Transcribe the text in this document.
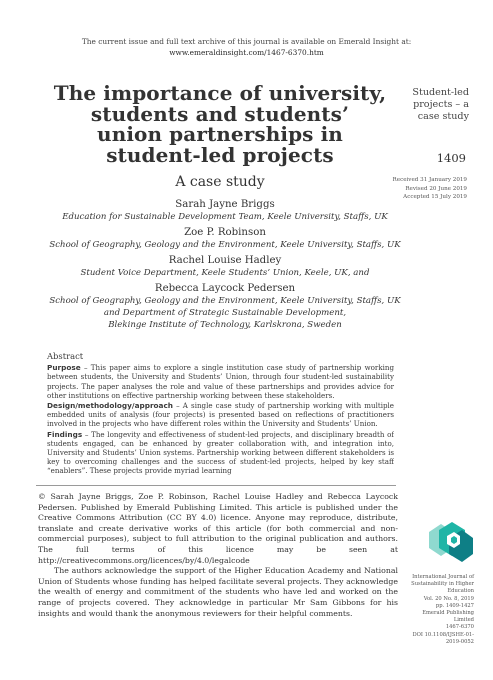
The current issue and full text archive of this journal is available on Emerald Insight at:
www.emeraldinsight.com/1467-6370.htm
The importance of university,
students and students’
union partnerships in
student-led projects
A case study
Sarah Jayne Briggs
Education for Sustainable Development Team, Keele University, Staffs, UK
Zoe P. Robinson
School of Geography, Geology and the Environment, Keele University, Staffs, UK
Rachel Louise Hadley
Student Voice Department, Keele Students’ Union, Keele, UK, and
Rebecca Laycock Pedersen
School of Geography, Geology and the Environment, Keele University, Staffs, UK
and Department of Strategic Sustainable Development,
Blekinge Institute of Technology, Karlskrona, Sweden
Student-led
projects – a
case study
1409
Received 31 January 2019
Revised 20 June 2019
Accepted 15 July 2019
Abstract

Purpose – This paper aims to explore a single institution case study of partnership working between students, the University and Students’ Union, through four student-led sustainability projects. The paper analyses the role and value of these partnerships and provides advice for other institutions on effective partnership working between these stakeholders.

Design/methodology/approach – A single case study of partnership working with multiple embedded units of analysis (four projects) is presented based on reflections of practitioners involved in the projects who have different roles within the University and Students’ Union.

Findings – The longevity and effectiveness of student-led projects, and disciplinary breadth of students engaged, can be enhanced by greater collaboration with, and integration into, University and Students’ Union systems. Partnership working between different stakeholders is key to overcoming challenges and the success of student-led projects, helped by key staff “enablers”. These projects provide myriad learning

© Sarah Jayne Briggs, Zoe P. Robinson, Rachel Louise Hadley and Rebecca Laycock Pedersen. Published by Emerald Publishing Limited. This article is published under the Creative Commons Attribution (CC BY 4.0) licence. Anyone may reproduce, distribute, translate and create derivative works of this article (for both commercial and non-commercial purposes), subject to full attribution to the original publication and authors. The full terms of this licence may be seen at http://creativecommons.org/licences/by/4.0/legalcode

The authors acknowledge the support of the Higher Education Academy and National Union of Students whose funding has helped facilitate several projects. They acknowledge the wealth of energy and commitment of the students who have led and worked on the range of projects covered. They acknowledge in particular Mr Sam Gibbons for his insights and would thank the anonymous reviewers for their helpful comments.

International Journal of
Sustainability in Higher Education
Vol. 20 No. 8, 2019
pp. 1409-1427
Emerald Publishing Limited
1467-6370
DOI 10.1108/IJSHE-01-2019-0052
